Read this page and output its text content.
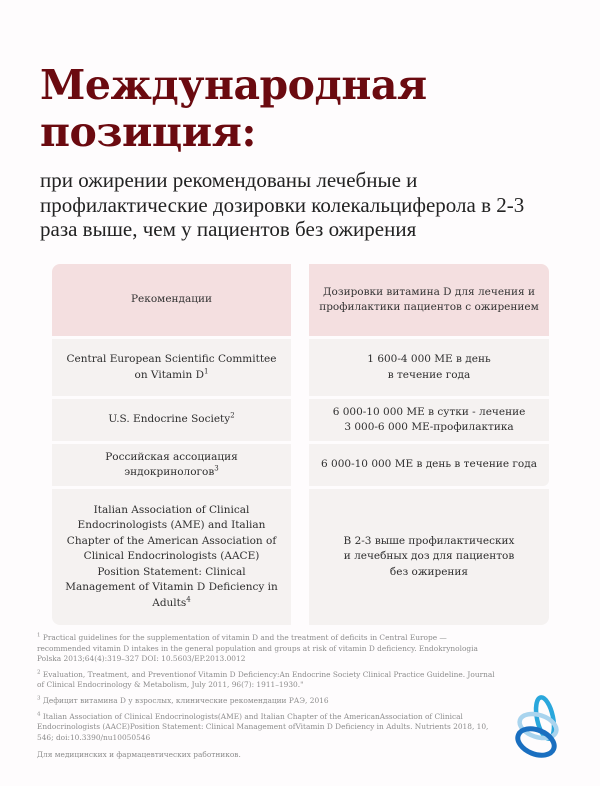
Международная
позиция:

при ожирении рекомендованы лечебные и профилактические дозировки колекальциферола в 2-3 раза выше, чем у пациентов без ожирения

Рекомендации
Дозировки витамина D для лечения и профилактики пациентов с ожирением
Central European Scientific Committee on Vitamin $D^1$
1 600-4 000 МЕ в день
в течение года
U.S. Endocrine Society$^2$	6 000-10 000 МЕ в сутки - лечение
3 000-6 000 МЕ-профилактика
Российская ассоциация эндокринологов$^3$	6 000-10 000 МЕ в день в течение года
Italian Association of Clinical Endocrinologists (AME) and Italian Chapter of the American Association of Clinical Endocrinologists (AACE) Position Statement: Clinical Management of Vitamin D Deficiency in Adults$^4$
В 2-3 выше профилактических
и лечебных доз для пациентов без ожирения

$^1$ Practical guidelines for the supplementation of vitamin D and the treatment of deficits in Central Europe — recommended vitamin D intakes in the general population and groups at risk of vitamin D deficiency. Endokrynologia Polska 2013;64(4):319–327 DOI: 10.5603/EP.2013.0012

$^2$ Evaluation, Treatment, and Preventionof Vitamin D Deficiency:An Endocrine Society Clinical Practice Guideline. Journal of Clinical Endocrinology & Metabolism, July 2011, 96(7): 1911–1930."

$^3$ Дефицит витамина D у взрослых, клинические рекомендации РАЭ, 2016

$^4$ Italian Association of Clinical Endocrinologists(AME) and Italian Chapter of the AmericanAssociation of Clinical Endocrinologists (AACE)Position Statement: Clinical Management ofVitamin D Deficiency in Adults. Nutrients 2018, 10, 546; doi:10.3390/nu10050546

Для медицинских и фармацевтических работников.
